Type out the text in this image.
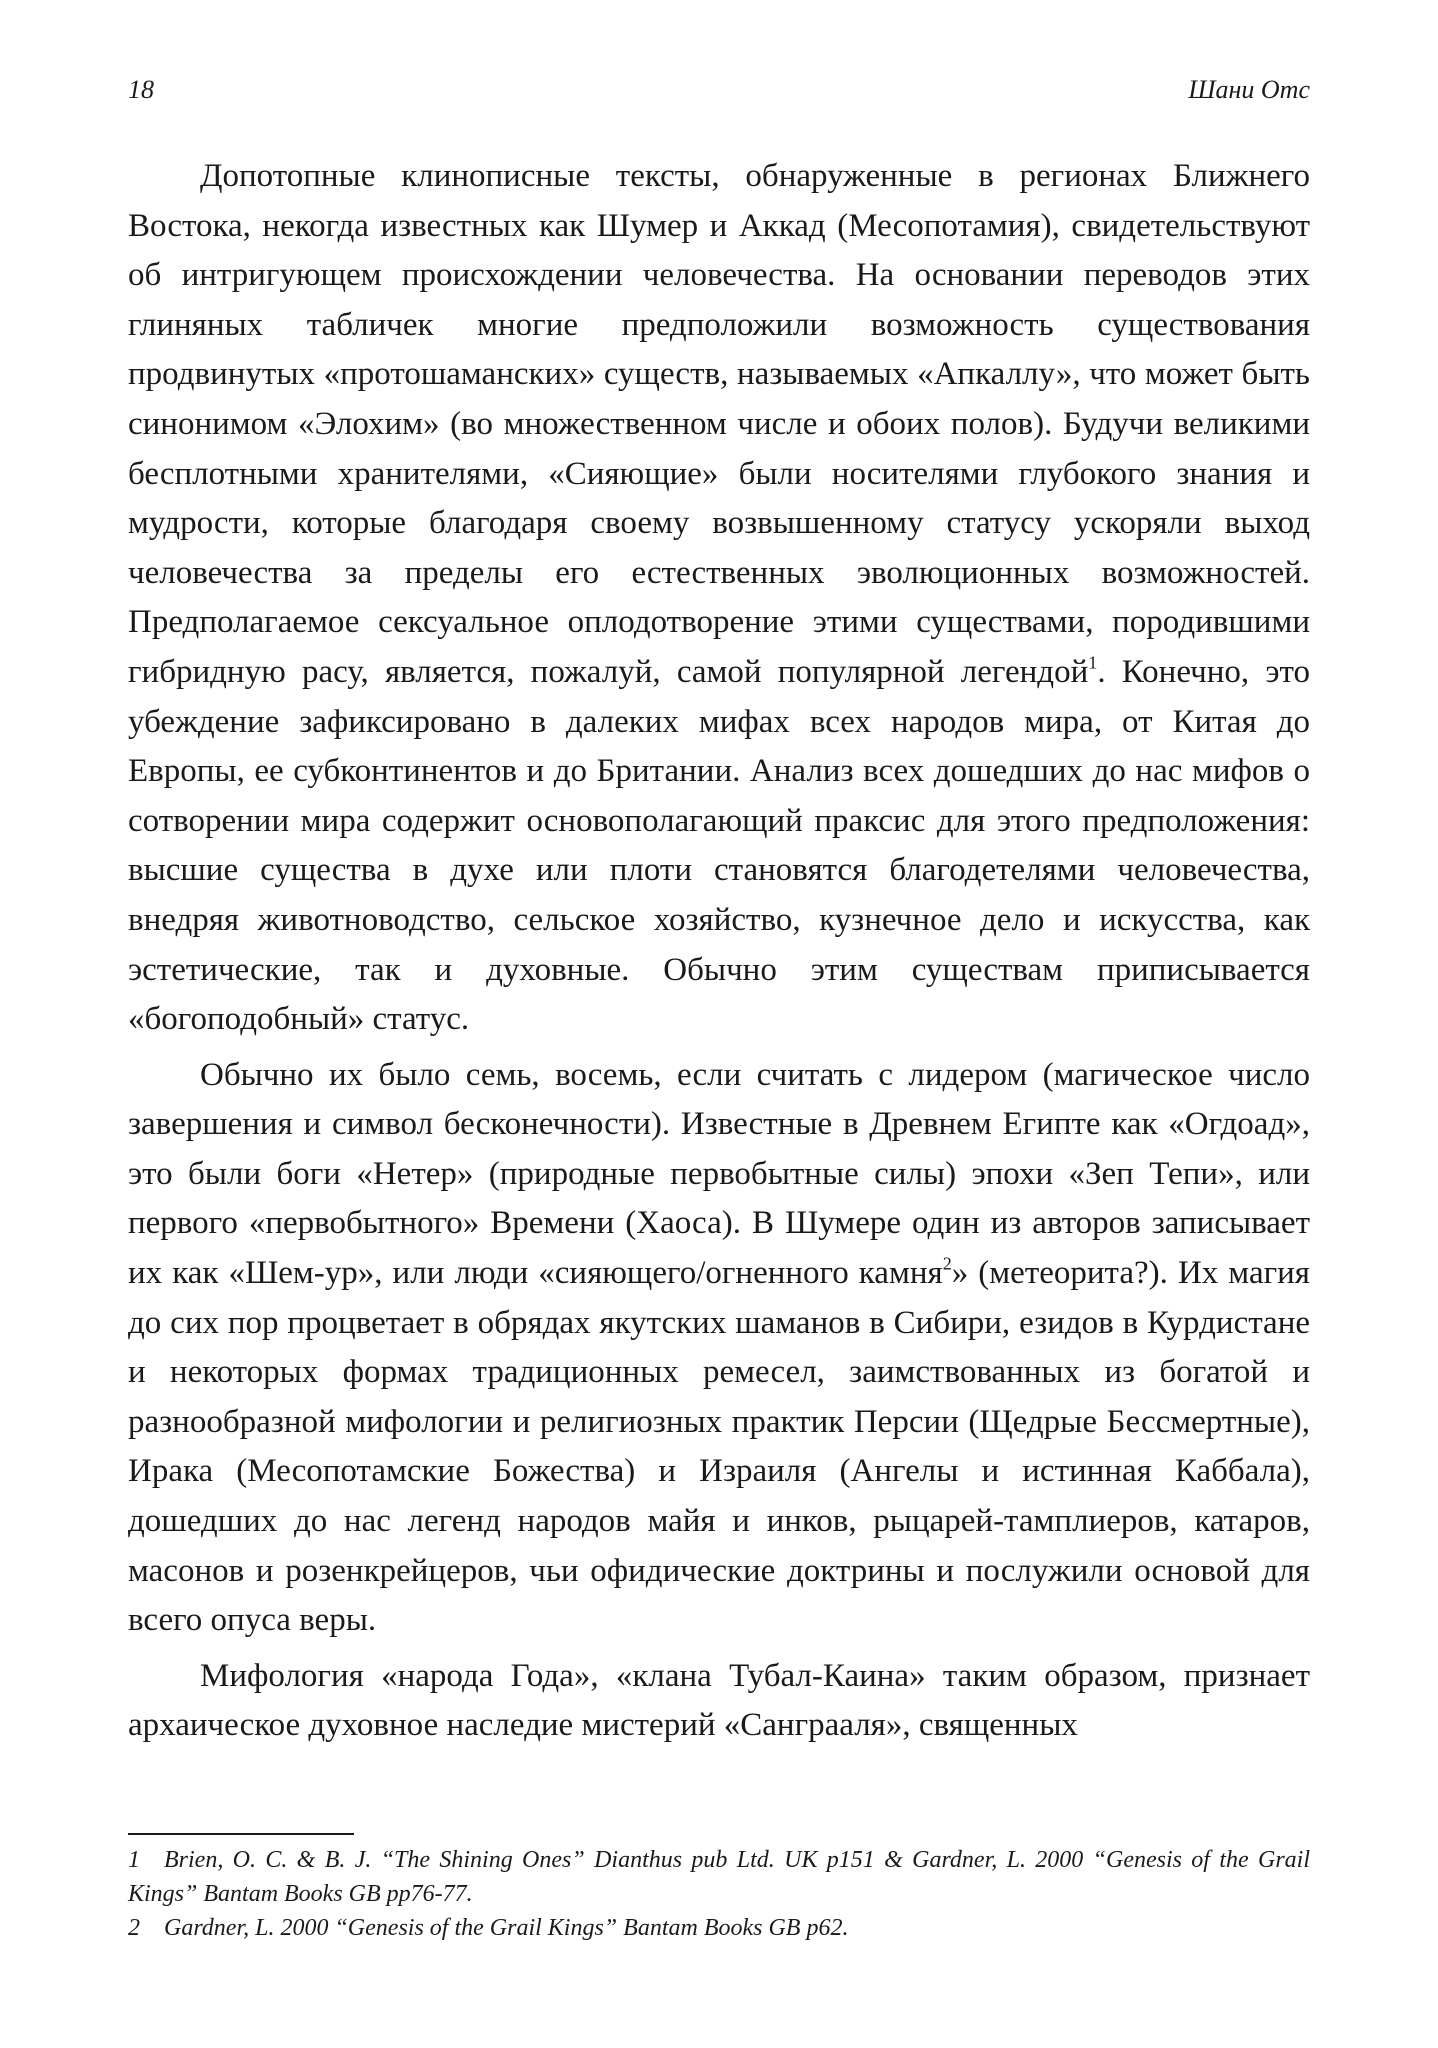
18	Шани Отс

Допотопные клинописные тексты, обнаруженные в регионах Ближнего Востока, некогда известных как Шумер и Аккад (Месопотамия), свидетельствуют об интригующем происхождении человечества. На основании переводов этих глиняных табличек многие предположили возможность существования продвинутых «протошаманских» существ, называемых «Апкаллу», что может быть синонимом «Элохим» (во множественном числе и обоих полов). Будучи великими бесплотными хранителями, «Сияющие» были носителями глубокого знания и мудрости, которые благодаря своему возвышенному статусу ускоряли выход человечества за пределы его естественных эволюционных возможностей. Предполагаемое сексуальное оплодотворение этими существами, породившими гибридную расу, является, пожалуй, самой популярной легендой$^1$. Конечно, это убеждение зафиксировано в далеких мифах всех народов мира, от Китая до Европы, ее субконтинентов и до Британии. Анализ всех дошедших до нас мифов о сотворении мира содержит основополагающий праксис для этого предположения: высшие существа в духе или плоти становятся благодетелями человечества, внедряя животноводство, сельское хозяйство, кузнечное дело и искусства, как эстетические, так и духовные. Обычно этим существам приписывается «богоподобный» статус.

Обычно их было семь, восемь, если считать с лидером (магическое число завершения и символ бесконечности). Известные в Древнем Египте как «Огдоад», это были боги «Нетер» (природные первобытные силы) эпохи «Зеп Тепи», или первого «первобытного» Времени (Хаоса). В Шумере один из авторов записывает их как «Шем-ур», или люди «сияющего/огненного камня$^2$» (метеорита?). Их магия до сих пор процветает в обрядах якутских шаманов в Сибири, езидов в Курдистане и некоторых формах традиционных ремесел, заимствованных из богатой и разнообразной мифологии и религиозных практик Персии (Щедрые Бессмертные), Ирака (Месопотамские Божества) и Израиля (Ангелы и истинная Каббала), дошедших до нас легенд народов майя и инков, рыцарей-тамплиеров, катаров, масонов и розенкрейцеров, чьи офидические доктрины и послужили основой для всего опуса веры.

Мифология «народа Года», «клана Тубал-Каина» таким образом, признает архаическое духовное наследие мистерий «Санграаля», священных

1 Brien, O. C. & B. J. “The Shining Ones” Dianthus pub Ltd. UK p151 & Gardner, L. 2000 “Genesis of the Grail Kings” Bantam Books GB pp76-77.

2 Gardner, L. 2000 “Genesis of the Grail Kings” Bantam Books GB p62.
